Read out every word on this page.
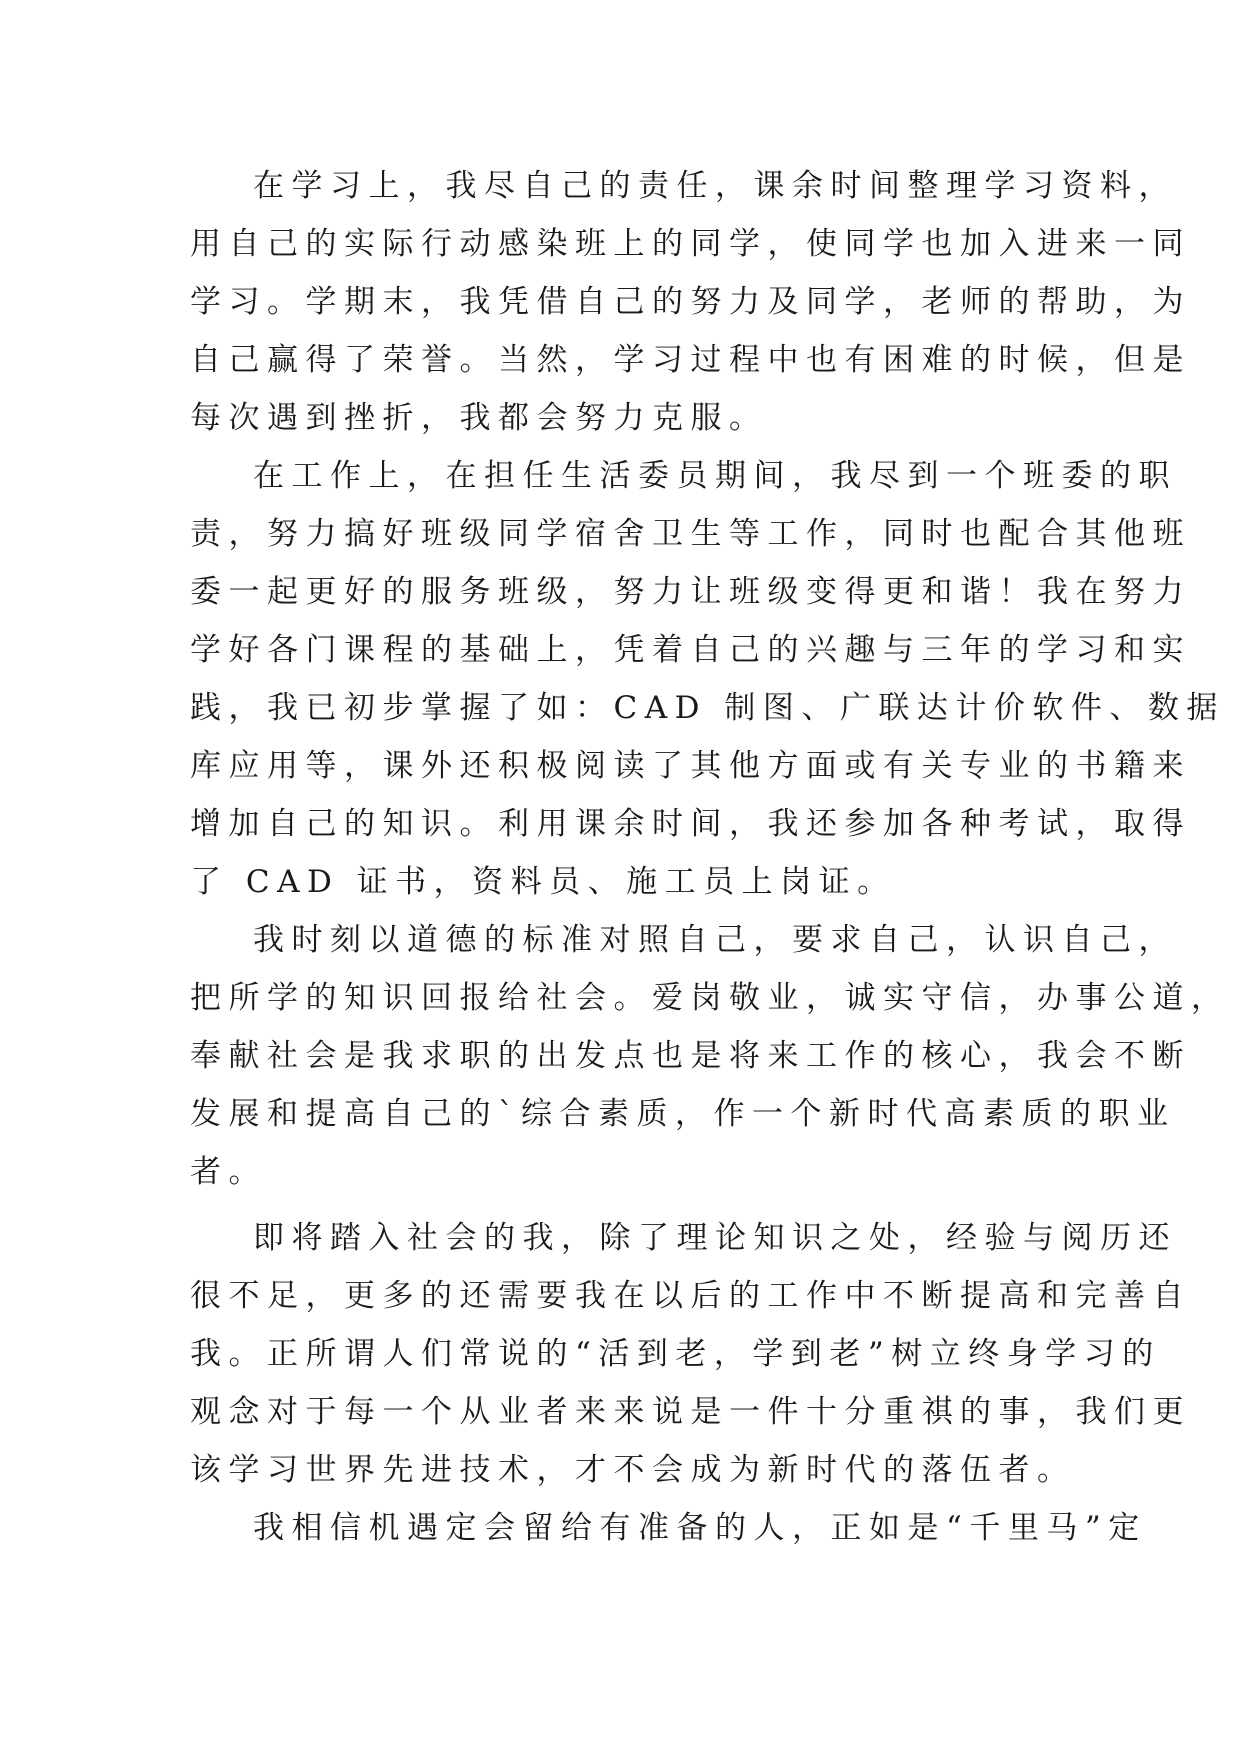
在学习上，我尽自己的责任，课余时间整理学习资料，
用自己的实际行动感染班上的同学，使同学也加入进来一同
学习。学期末，我凭借自己的努力及同学，老师的帮助，为
自己赢得了荣誉。当然，学习过程中也有困难的时候，但是
每次遇到挫折，我都会努力克服。
在工作上，在担任生活委员期间，我尽到一个班委的职
责，努力搞好班级同学宿舍卫生等工作，同时也配合其他班
委一起更好的服务班级，努力让班级变得更和谐！我在努力
学好各门课程的基础上，凭着自己的兴趣与三年的学习和实
践，我已初步掌握了如：CAD 制图、广联达计价软件、数据
库应用等，课外还积极阅读了其他方面或有关专业的书籍来
增加自己的知识。利用课余时间，我还参加各种考试，取得
了 CAD 证书，资料员、施工员上岗证。
我时刻以道德的标准对照自己，要求自己，认识自己，
把所学的知识回报给社会。爱岗敬业，诚实守信，办事公道，
奉献社会是我求职的出发点也是将来工作的核心，我会不断
发展和提高自己的`综合素质，作一个新时代高素质的职业
者。
即将踏入社会的我，除了理论知识之处，经验与阅历还
很不足，更多的还需要我在以后的工作中不断提高和完善自
我。正所谓人们常说的“活到老，学到老”树立终身学习的
观念对于每一个从业者来来说是一件十分重祺的事，我们更
该学习世界先进技术，才不会成为新时代的落伍者。
我相信机遇定会留给有准备的人，正如是“千里马”定
